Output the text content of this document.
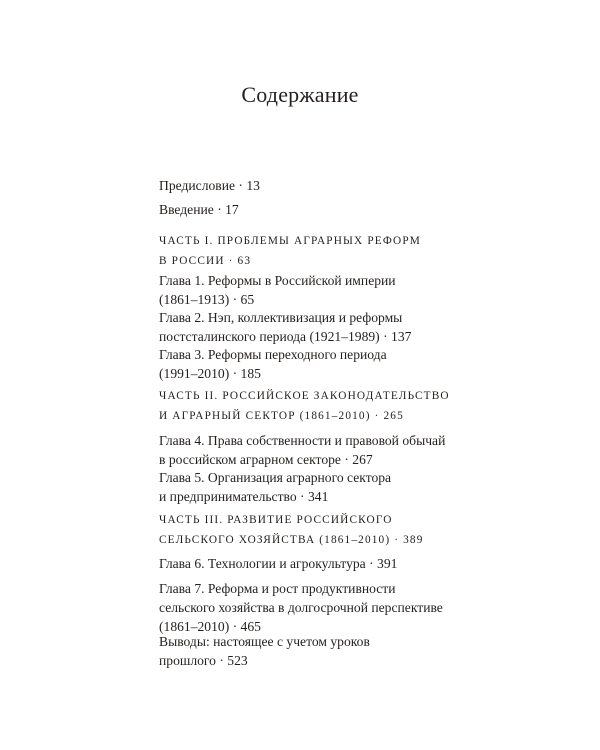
Содержание
Предисловие · 13
Введение · 17
ЧАСТЬ I. ПРОБЛЕМЫ АГРАРНЫХ РЕФОРМ
В РОССИИ · 63
Глава 1. Реформы в Российской империи
(1861–1913) · 65
Глава 2. Нэп, коллективизация и реформы
постсталинского периода (1921–1989) · 137
Глава 3. Реформы переходного периода
(1991–2010) · 185
ЧАСТЬ II. РОССИЙСКОЕ ЗАКОНОДАТЕЛЬСТВО
И АГРАРНЫЙ СЕКТОР (1861–2010) · 265
Глава 4. Права собственности и правовой обычай
в российском аграрном секторе · 267
Глава 5. Организация аграрного сектора
и предпринимательство · 341
ЧАСТЬ III. РАЗВИТИЕ РОССИЙСКОГО
СЕЛЬСКОГО ХОЗЯЙСТВА (1861–2010) · 389
Глава 6. Технологии и агрокультура · 391
Глава 7. Реформа и рост продуктивности
сельского хозяйства в долгосрочной перспективе
(1861–2010) · 465
Выводы: настоящее с учетом уроков
прошлого · 523
